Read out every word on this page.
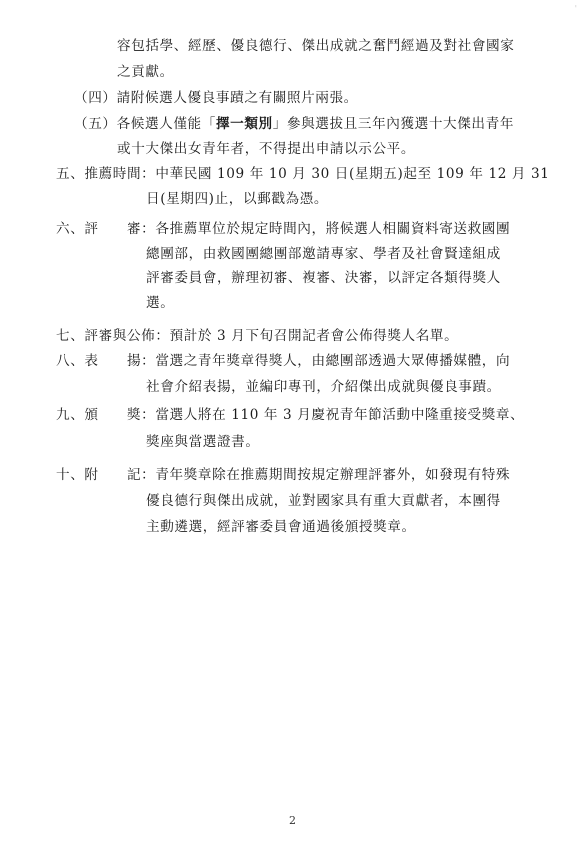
'
容包括學、經歷、優良德行、傑出成就之奮鬥經過及對社會國家
之貢獻。
（四）請附候選人優良事蹟之有關照片兩張。
（五）各候選人僅能「擇一類別」參與選拔且三年內獲選十大傑出青年
或十大傑出女青年者，不得提出申請以示公平。
五、推薦時間：中華民國 109 年 10 月 30 日(星期五)起至 109 年 12 月 31
日(星期四)止，以郵戳為憑。
六、評　　審：各推薦單位於規定時間內，將候選人相關資料寄送救國團
總團部，由救國團總團部邀請專家、學者及社會賢達組成
評審委員會，辦理初審、複審、決審，以評定各類得獎人
選。
七、評審與公佈：預計於 3 月下旬召開記者會公佈得獎人名單。
八、表　　揚：當選之青年獎章得獎人，由總團部透過大眾傳播媒體，向
社會介紹表揚，並編印專刊，介紹傑出成就與優良事蹟。
九、頒　　獎：當選人將在 110 年 3 月慶祝青年節活動中隆重接受獎章、
獎座與當選證書。
十、附　　記：青年獎章除在推薦期間按規定辦理評審外，如發現有特殊
優良德行與傑出成就，並對國家具有重大貢獻者，本團得
主動遴選，經評審委員會通過後頒授獎章。
2
